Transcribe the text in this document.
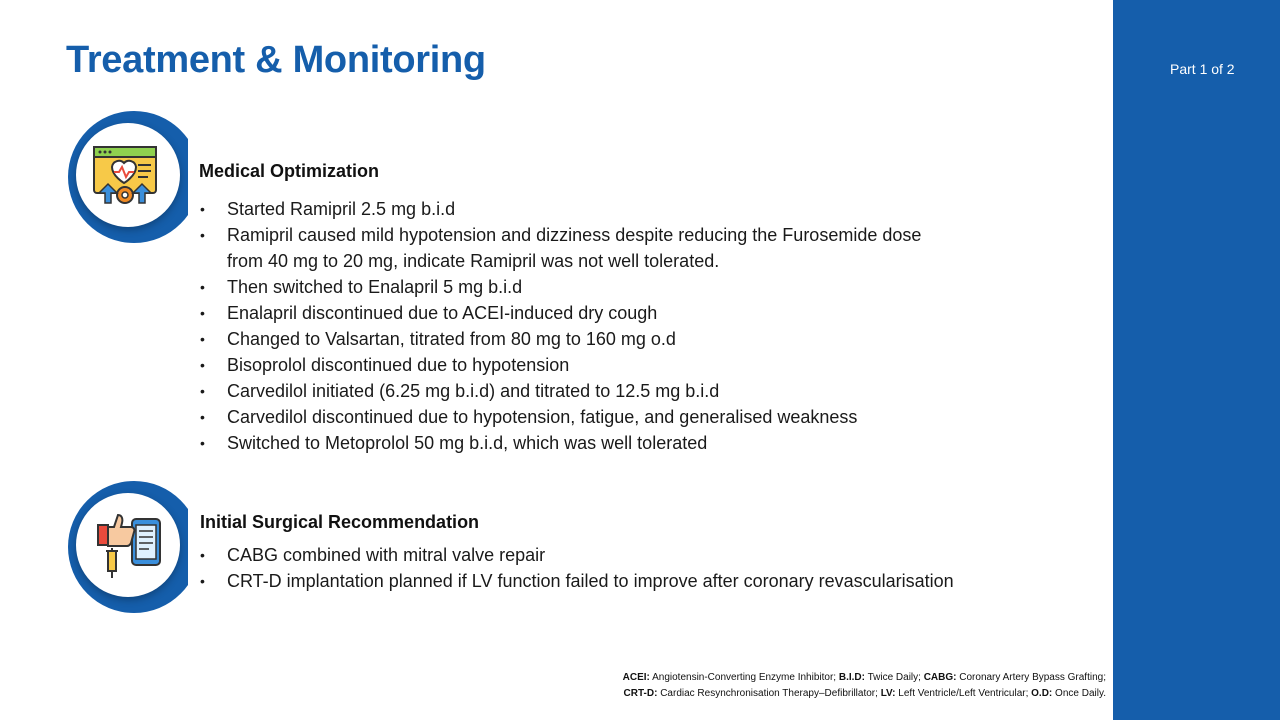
Part 1 of 2
Treatment & Monitoring
Medical Optimization
• Started Ramipril 2.5 mg b.i.d
• Ramipril caused mild hypotension and dizziness despite reducing the Furosemide dose from 40 mg to 20 mg, indicate Ramipril was not well tolerated.
• Then switched to Enalapril 5 mg b.i.d
• Enalapril discontinued due to ACEI-induced dry cough
• Changed to Valsartan, titrated from 80 mg to 160 mg o.d
• Bisoprolol discontinued due to hypotension
• Carvedilol initiated (6.25 mg b.i.d) and titrated to 12.5 mg b.i.d
• Carvedilol discontinued due to hypotension, fatigue, and generalised weakness
• Switched to Metoprolol 50 mg b.i.d, which was well tolerated
Initial Surgical Recommendation
• CABG combined with mitral valve repair
• CRT-D implantation planned if LV function failed to improve after coronary revascularisation
ACEI: Angiotensin-Converting Enzyme Inhibitor; B.I.D: Twice Daily; CABG: Coronary Artery Bypass Grafting;
CRT-D: Cardiac Resynchronisation Therapy–Defibrillator; LV: Left Ventricle/Left Ventricular; O.D: Once Daily.
